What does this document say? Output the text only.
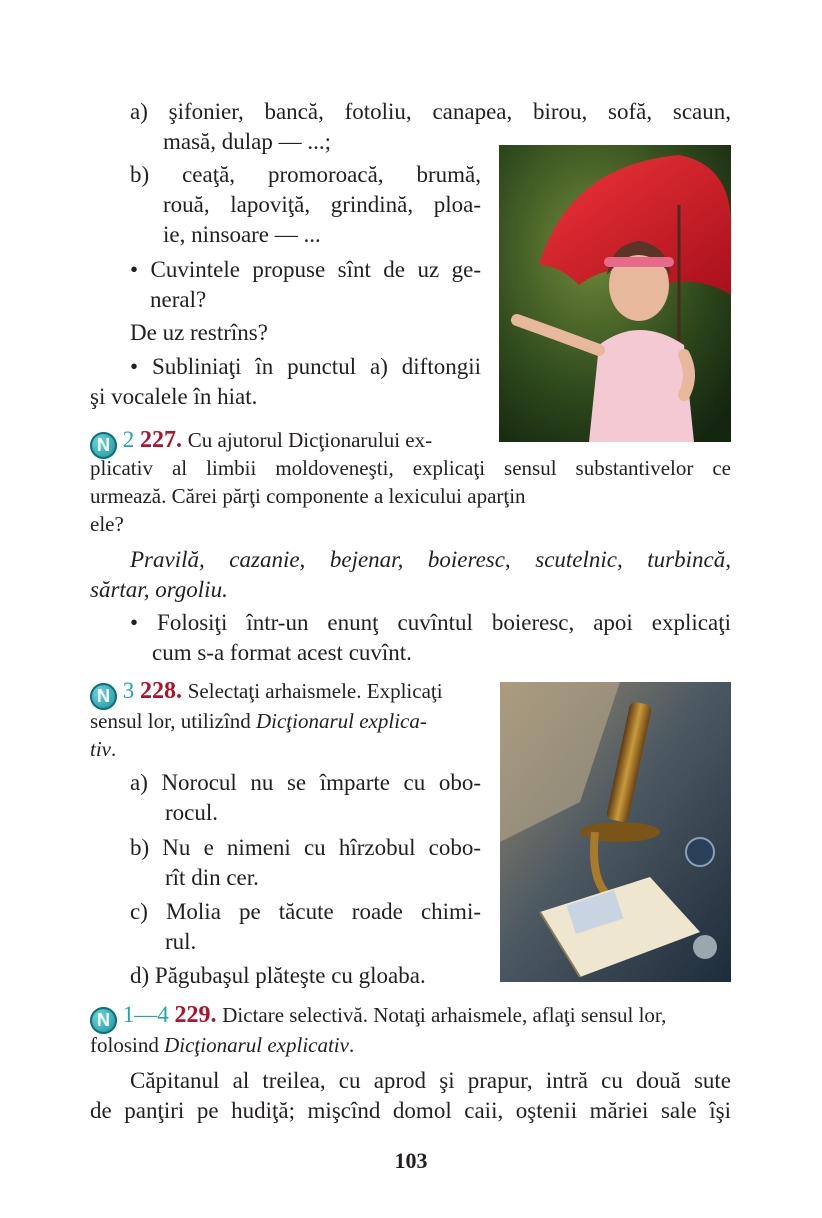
a) şifonier, bancă, fotoliu, canapea, birou, sofă, scaun,
masă, dulap — ...;
b) ceaţă, promoroacă, brumă,
rouă, lapoviţă, grindină, ploa-
ie, ninsoare — ...
• Cuvintele propuse sînt de uz ge-
neral?
De uz restrîns?
• Subliniaţi în punctul a) diftongii
şi vocalele în hiat.
N 2 227. Cu ajutorul Dicţionarului ex-
plicativ al limbii moldoveneşti, explicaţi sensul substantivelor ce
urmează. Cărei părţi componente a lexicului aparţin
ele?
Pravilă, cazanie, bejenar, boieresc, scutelnic, turbincă,
sărtar, orgoliu.
• Folosiţi într-un enunţ cuvîntul boieresc, apoi explicaţi
cum s-a format acest cuvînt.
N 3 228. Selectaţi arhaismele. Explicaţi
sensul lor, utilizînd Dicţionarul explica-
tiv.
a) Norocul nu se împarte cu obo-
rocul.
b) Nu e nimeni cu hîrzobul cobo-
rît din cer.
c) Molia pe tăcute roade chimi-
rul.
d) Păgubaşul plăteşte cu gloaba.
N 1—4 229. Dictare selectivă. Notaţi arhaismele, aflaţi sensul lor,
folosind Dicţionarul explicativ.
Căpitanul al treilea, cu aprod şi prapur, intră cu două sute
de panţiri pe hudiţă; mişcînd domol caii, oştenii măriei sale îşi
103
